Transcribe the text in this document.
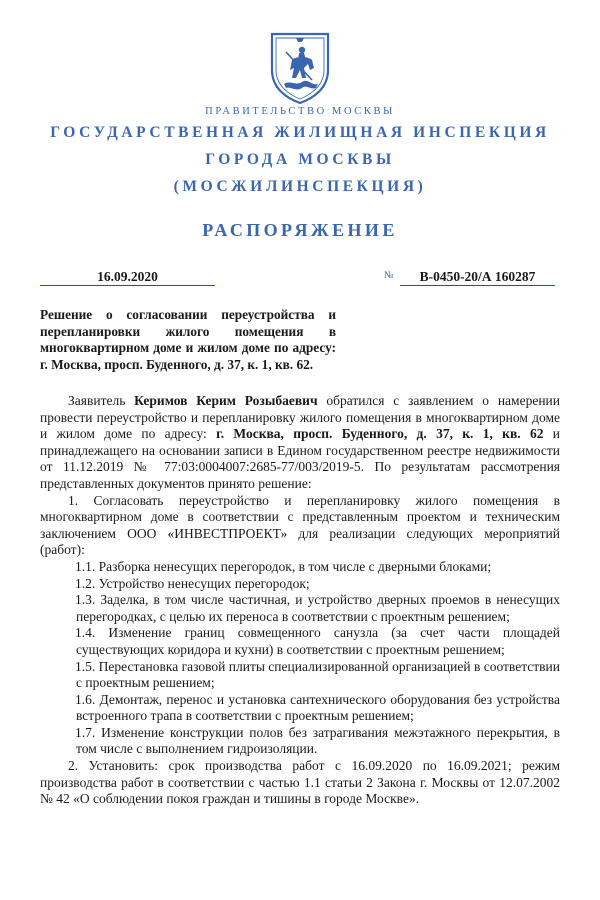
ПРАВИТЕЛЬСТВО МОСКВЫ
ГОСУДАРСТВЕННАЯ ЖИЛИЩНАЯ ИНСПЕКЦИЯ
ГОРОДА МОСКВЫ
(МОСЖИЛИНСПЕКЦИЯ)
РАСПОРЯЖЕНИЕ
16.09.2020	№	В-0450-20/А 160287
Решение о согласовании переустройства и перепланировки жилого помещения в многоквартирном доме и жилом доме по адресу: г. Москва, просп. Буденного, д. 37, к. 1, кв. 62.

Заявитель Керимов Керим Розыбаевич обратился с заявлением о намерении провести переустройство и перепланировку жилого помещения в многоквартирном доме и жилом доме по адресу: г. Москва, просп. Буденного, д. 37, к. 1, кв. 62 и принадлежащего на основании записи в Едином государственном реестре недвижимости от 11.12.2019 № 77:03:0004007:2685-77/003/2019-5. По результатам рассмотрения представленных документов принято решение:

1. Согласовать переустройство и перепланировку жилого помещения в многоквартирном доме в соответствии с представленным проектом и техническим заключением ООО «ИНВЕСТПРОЕКТ» для реализации следующих мероприятий (работ):

1.1. Разборка ненесущих перегородок, в том числе с дверными блоками;

1.2. Устройство ненесущих перегородок;

1.3. Заделка, в том числе частичная, и устройство дверных проемов в ненесущих перегородках, с целью их переноса в соответствии с проектным решением;

1.4. Изменение границ совмещенного санузла (за счет части площадей существующих коридора и кухни) в соответствии с проектным решением;

1.5. Перестановка газовой плиты специализированной организацией в соответствии с проектным решением;

1.6. Демонтаж, перенос и установка сантехнического оборудования без устройства встроенного трапа в соответствии с проектным решением;

1.7. Изменение конструкции полов без затрагивания межэтажного перекрытия, в том числе с выполнением гидроизоляции.

2. Установить: срок производства работ с 16.09.2020 по 16.09.2021; режим производства работ в соответствии с частью 1.1 статьи 2 Закона г. Москвы от 12.07.2002 № 42 «О соблюдении покоя граждан и тишины в городе Москве».
